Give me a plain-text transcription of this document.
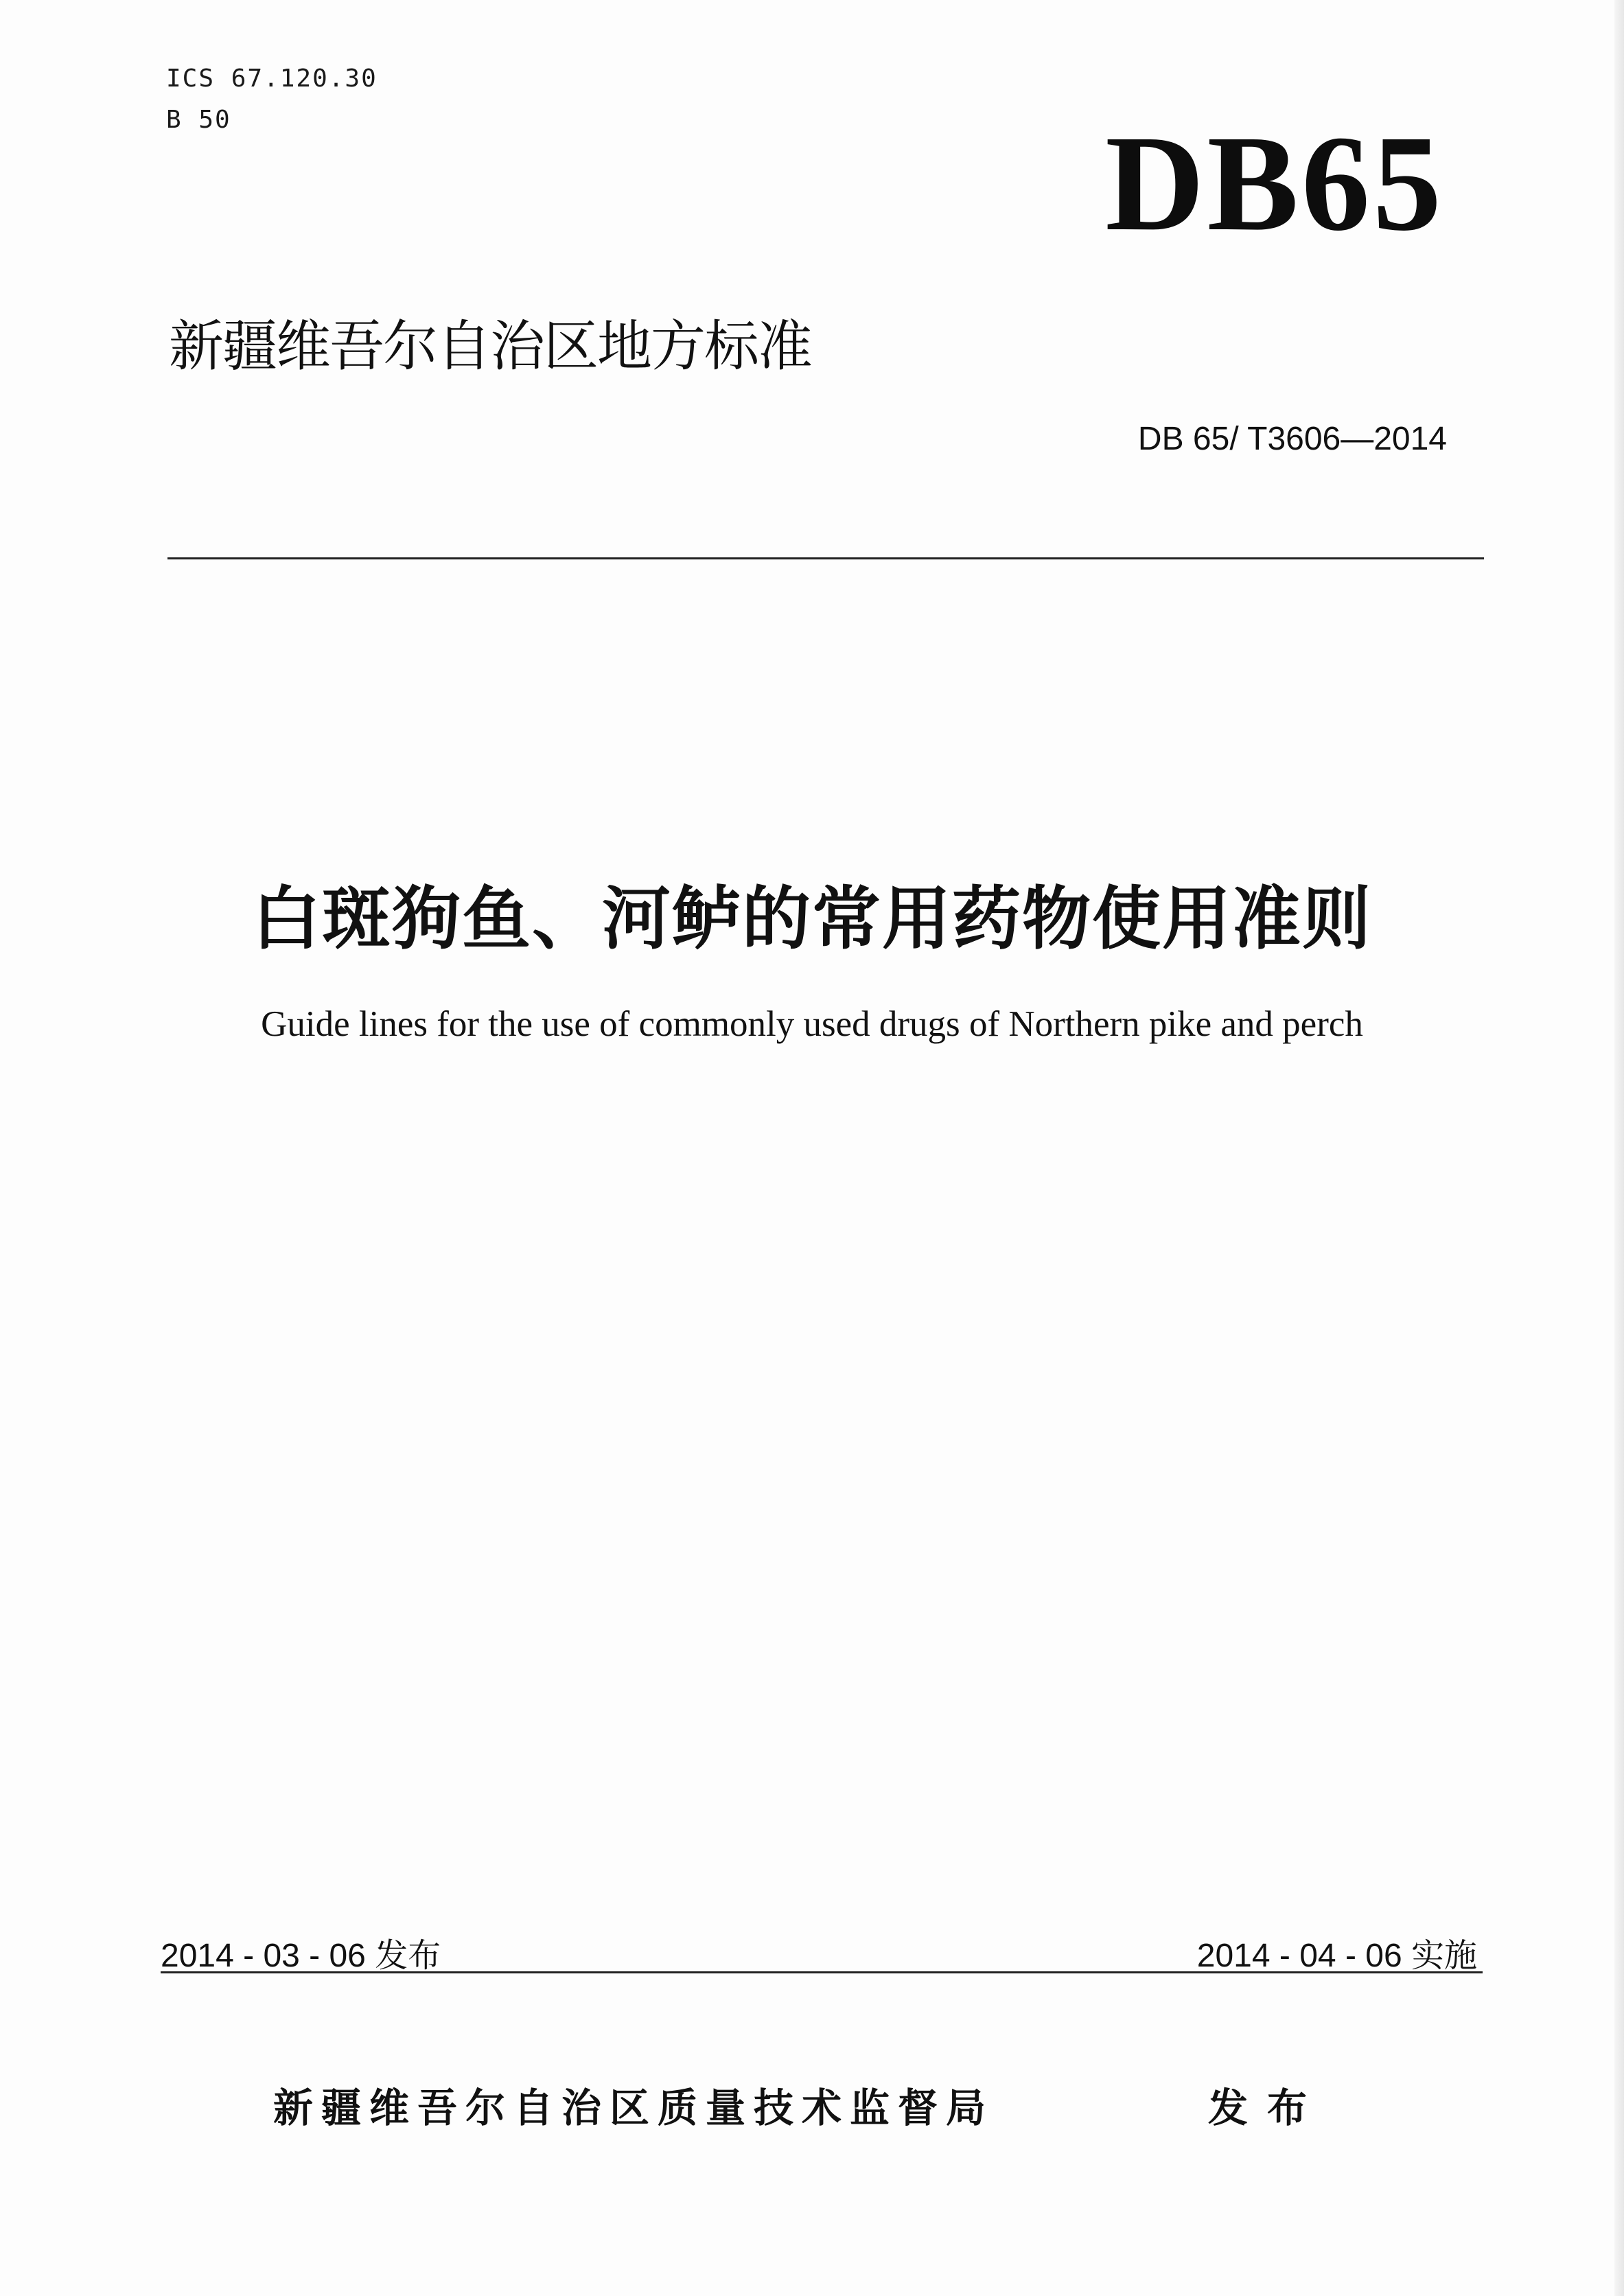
ICS 67.120.30
B 50	DB65
新疆维吾尔自治区地方标准
DB 65/ T3606—2014
白斑狗鱼、河鲈的常用药物使用准则
Guide lines for the use of commonly used drugs of Northern pike and perch
2014 - 03 - 06 发布	2014 - 04 - 06 实施
新疆维吾尔自治区质量技术监督局	发布
